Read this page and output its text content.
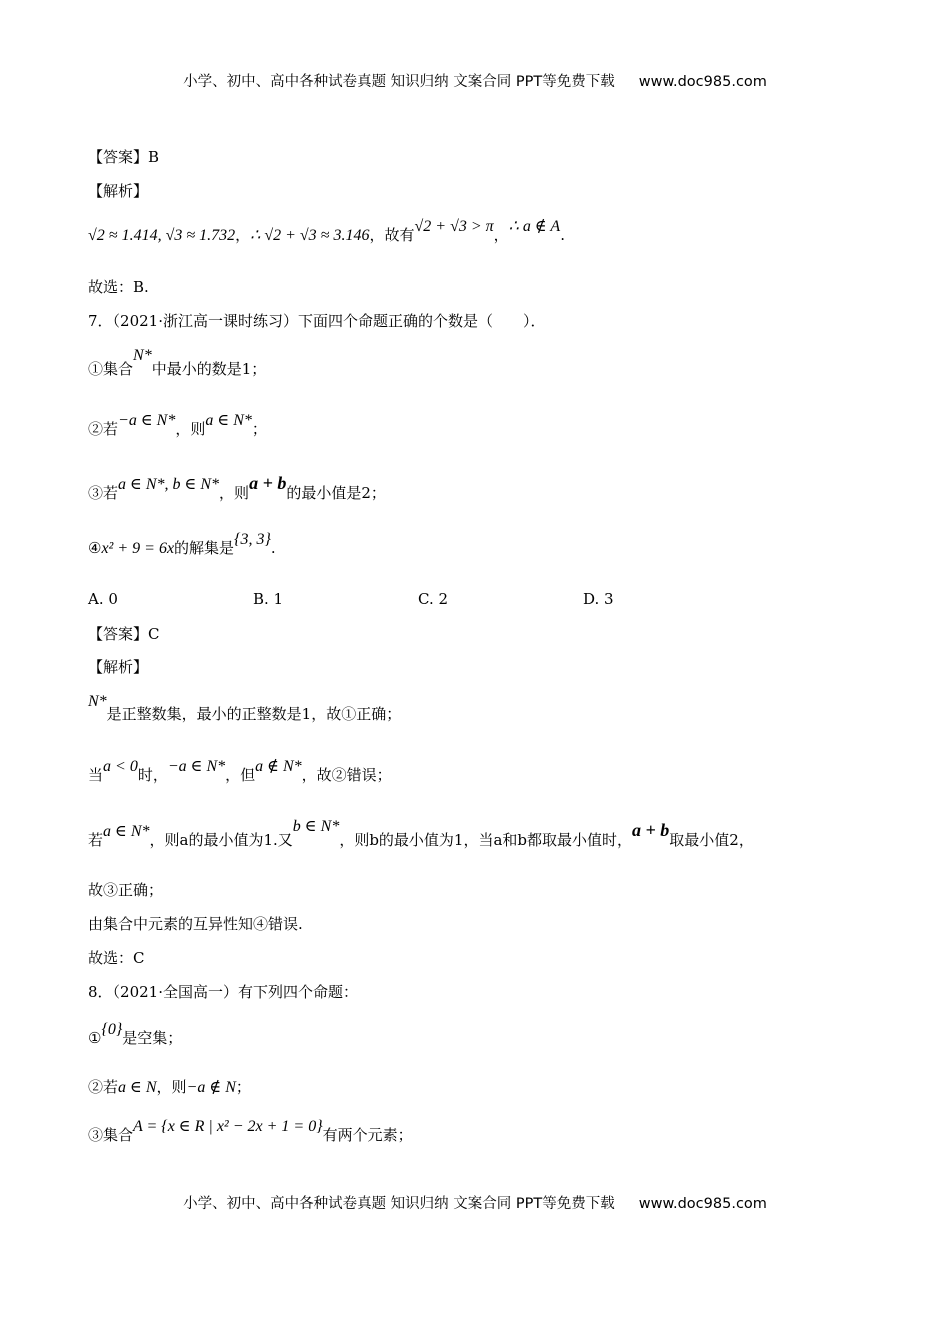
小学、初中、高中各种试卷真题 知识归纳 文案合同 PPT等免费下载 www.doc985.com
【答案】B
【解析】
√2 ≈ 1.414, √3 ≈ 1.732，∴ √2 + √3 ≈ 3.146，故有√2 + √3 > π，∴ a ∉ A.
故选：B.
7．（2021·浙江高一课时练习）下面四个命题正确的个数是（　　）．
①集合N*中最小的数是1；
②若−a ∈ N*，则a ∈ N*；
③若a ∈ N*, b ∈ N*，则a + b的最小值是2；
④x² + 9 = 6x的解集是{3, 3}.
A. 0	B. 1	C. 2	D. 3
【答案】C
【解析】
N*是正整数集，最小的正整数是1，故①正确；
当a < 0时，−a ∈ N*，但a ∉ N*，故②错误；
若a ∈ N*，则a的最小值为1.又b ∈ N*，则b的最小值为1，当a和b都取最小值时，a + b取最小值2，
故③正确；
由集合中元素的互异性知④错误.
故选：C
8．（2021·全国高一）有下列四个命题：
①{0}是空集；
②若a ∈ N，则−a ∉ N；
③集合A = {x ∈ R | x² − 2x + 1 = 0}有两个元素；
小学、初中、高中各种试卷真题 知识归纳 文案合同 PPT等免费下载 www.doc985.com
